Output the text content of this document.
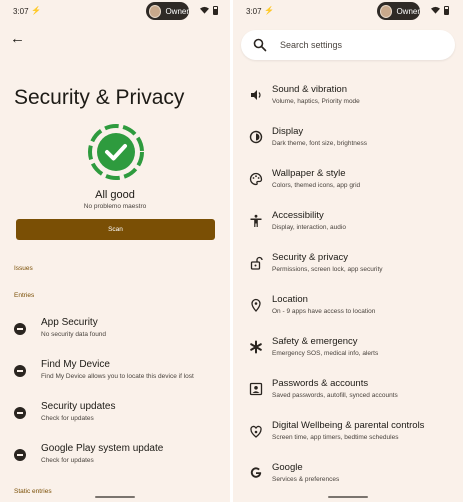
3:07 ⚡	Owner
←
Security & Privacy
All good
No problemo maestro
Scan
Issues
Entries
App Security
No security data found
Find My Device
Find My Device allows you to locate this device if lost
Security updates
Check for updates
Google Play system update
Check for updates
Static entries
3:07 ⚡	Owner
Search settings
Sound & vibration
Volume, haptics, Priority mode
Display
Dark theme, font size, brightness
Wallpaper & style
Colors, themed icons, app grid
Accessibility
Display, interaction, audio
Security & privacy
Permissions, screen lock, app security
Location
On - 9 apps have access to location
Safety & emergency
Emergency SOS, medical info, alerts
Passwords & accounts
Saved passwords, autofill, synced accounts
Digital Wellbeing & parental controls
Screen time, app timers, bedtime schedules
Google
Services & preferences
